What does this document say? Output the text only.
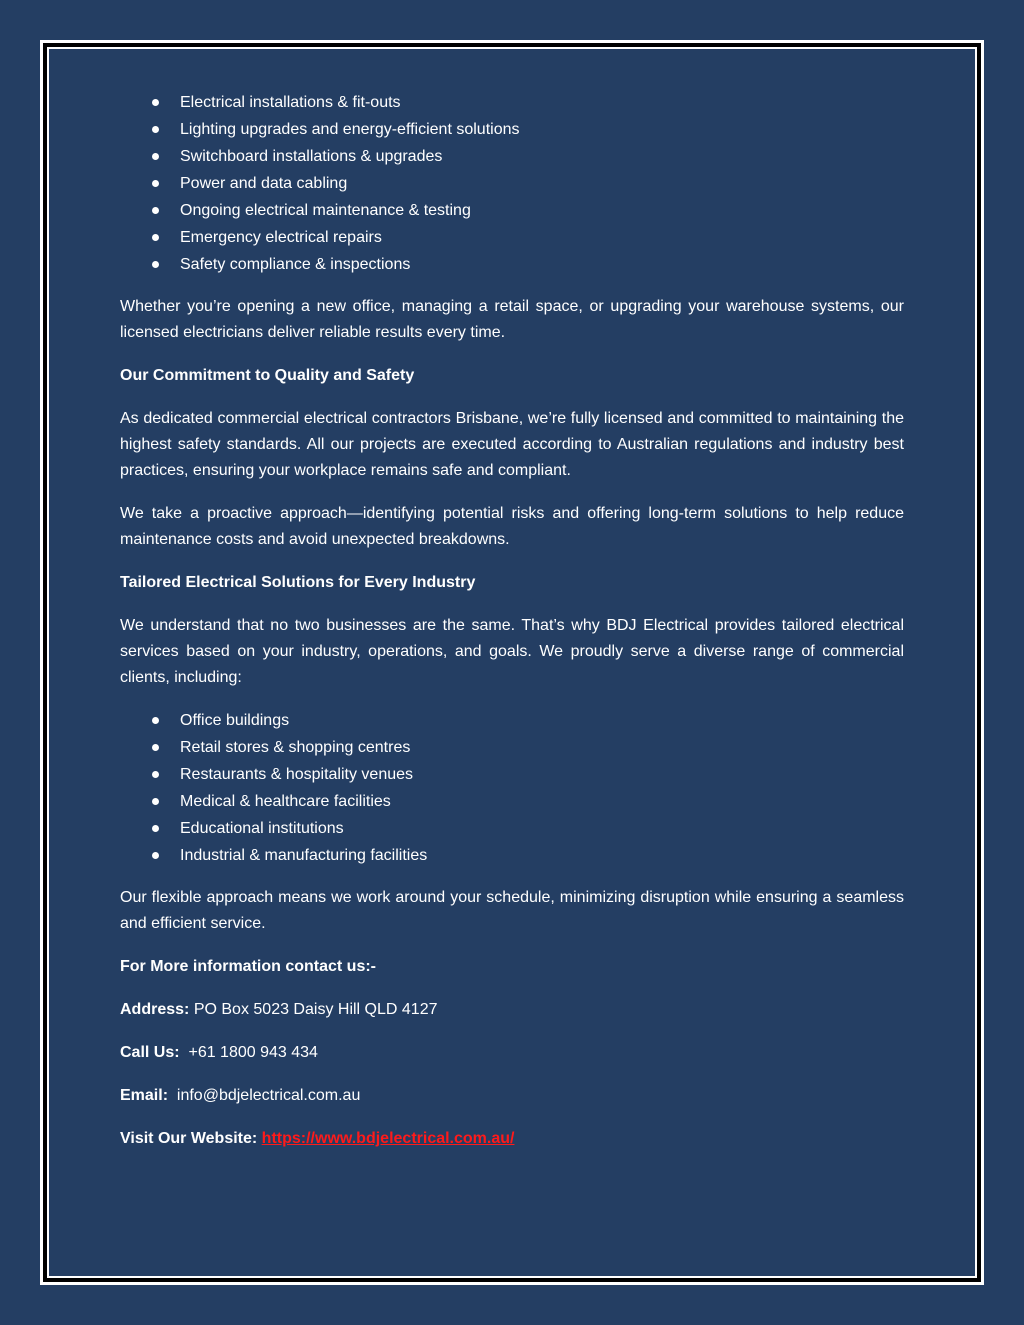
Electrical installations & fit-outs
Lighting upgrades and energy-efficient solutions
Switchboard installations & upgrades
Power and data cabling
Ongoing electrical maintenance & testing
Emergency electrical repairs
Safety compliance & inspections

Whether you’re opening a new office, managing a retail space, or upgrading your warehouse systems, our licensed electricians deliver reliable results every time.

Our Commitment to Quality and Safety

As dedicated commercial electrical contractors Brisbane, we’re fully licensed and committed to maintaining the highest safety standards. All our projects are executed according to Australian regulations and industry best practices, ensuring your workplace remains safe and compliant.

We take a proactive approach—identifying potential risks and offering long-term solutions to help reduce maintenance costs and avoid unexpected breakdowns.

Tailored Electrical Solutions for Every Industry

We understand that no two businesses are the same. That’s why BDJ Electrical provides tailored electrical services based on your industry, operations, and goals. We proudly serve a diverse range of commercial clients, including:

Office buildings
Retail stores & shopping centres
Restaurants & hospitality venues
Medical & healthcare facilities
Educational institutions
Industrial & manufacturing facilities

Our flexible approach means we work around your schedule, minimizing disruption while ensuring a seamless and efficient service.

For More information contact us:-

Address: PO Box 5023 Daisy Hill QLD 4127

Call Us: +61 1800 943 434

Email: info@bdjelectrical.com.au

Visit Our Website: https://www.bdjelectrical.com.au/
